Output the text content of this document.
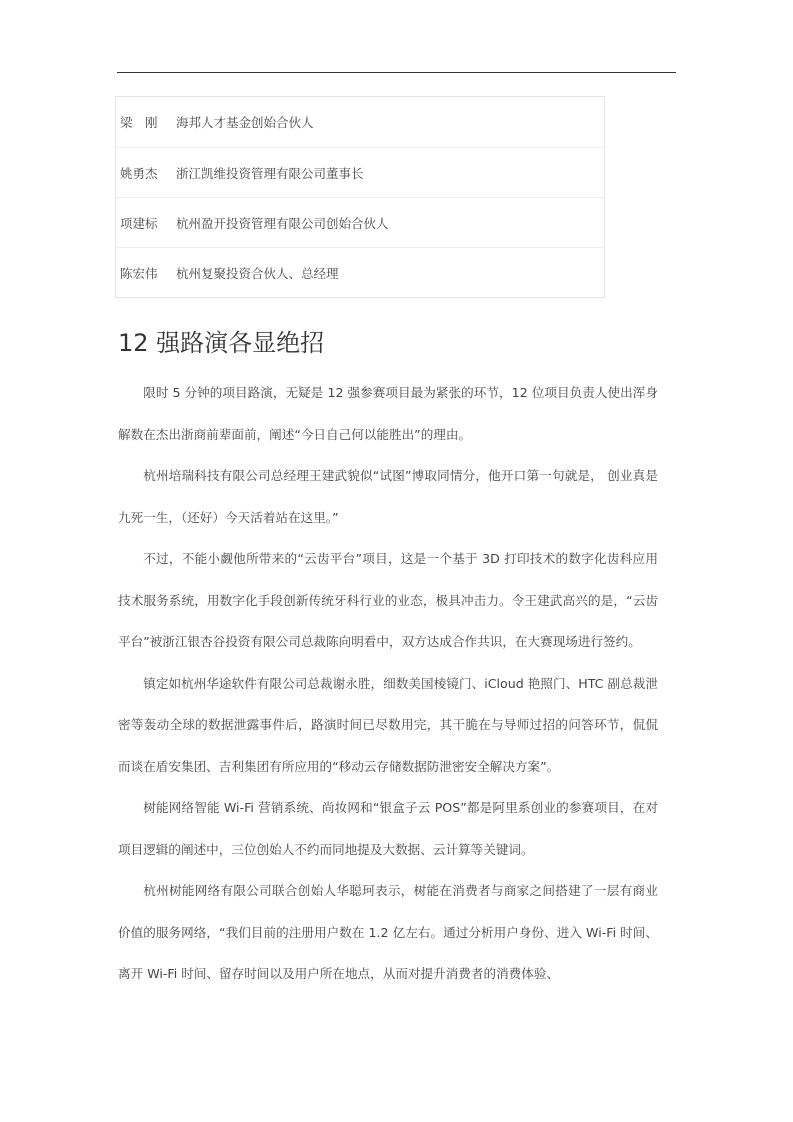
梁　刚	海邦人才基金创始合伙人
姚勇杰	浙江凯维投资管理有限公司董事长
项建标	杭州盈开投资管理有限公司创始合伙人
陈宏伟	杭州复聚投资合伙人、总经理
12 强路演各显绝招

限时 5 分钟的项目路演，无疑是 12 强参赛项目最为紧张的环节，12 位项目负责人使出浑身解数在杰出浙商前辈面前，阐述“今日自己何以能胜出”的理由。

杭州培瑞科技有限公司总经理王建武貌似“试图”博取同情分，他开口第一句就是， 创业真是九死一生，（还好）今天活着站在这里。”

不过，不能小觑他所带来的“云齿平台”项目，这是一个基于 3D 打印技术的数字化齿科应用技术服务系统，用数字化手段创新传统牙科行业的业态，极具冲击力。令王建武高兴的是，“云齿平台”被浙江银杏谷投资有限公司总裁陈向明看中，双方达成合作共识，在大赛现场进行签约。

镇定如杭州华途软件有限公司总裁谢永胜，细数美国棱镜门、iCloud 艳照门、HTC 副总裁泄密等轰动全球的数据泄露事件后，路演时间已尽数用完，其干脆在与导师过招的问答环节，侃侃而谈在盾安集团、吉利集团有所应用的“移动云存储数据防泄密安全解决方案”。

树能网络智能 Wi-Fi 营销系统、尚妆网和“银盒子云 POS”都是阿里系创业的参赛项目，在对项目逻辑的阐述中，三位创始人不约而同地提及大数据、云计算等关键词。

杭州树能网络有限公司联合创始人华聪珂表示，树能在消费者与商家之间搭建了一层有商业价值的服务网络，“我们目前的注册用户数在 1.2 亿左右。通过分析用户身份、进入 Wi-Fi 时间、离开 Wi-Fi 时间、留存时间以及用户所在地点，从而对提升消费者的消费体验、
